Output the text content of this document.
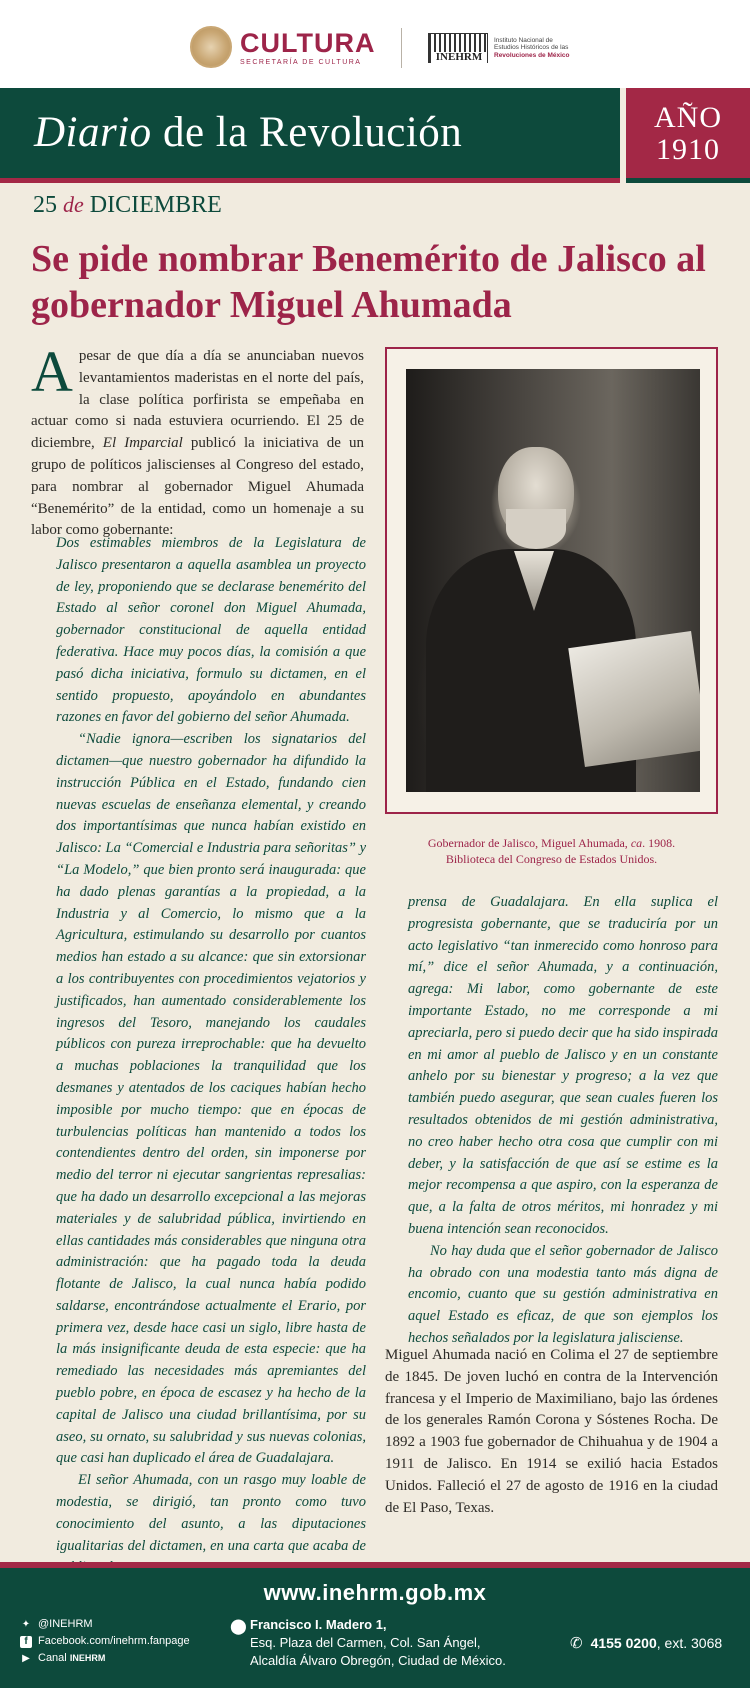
CULTURA
SECRETARÍA DE CULTURA	INEHRM
Instituto Nacional de
Estudios Históricos de las
Revoluciones de México
Diario de la Revolución	AÑO
1910
25 de DICIEMBRE
Se pide nombrar Benemérito de Jalisco al gobernador Miguel Ahumada
Apesar de que día a día se anunciaban nuevos levantamientos maderistas en el norte del país, la clase política porfirista se empeñaba en actuar como si nada estuviera ocurriendo. El 25 de diciembre, El Imparcial publicó la iniciativa de un grupo de políticos jaliscienses al Congreso del estado, para nombrar al gobernador Miguel Ahumada “Benemérito” de la entidad, como un homenaje a su labor como gobernante:

Dos estimables miembros de la Legislatura de Jalisco presentaron a aquella asamblea un proyecto de ley, proponiendo que se declarase benemérito del Estado al señor coronel don Miguel Ahumada, gobernador constitucional de aquella entidad federativa. Hace muy pocos días, la comisión a que pasó dicha iniciativa, formulo su dictamen, en el sentido propuesto, apoyándolo en abundantes razones en favor del gobierno del señor Ahumada.

“Nadie ignora—escriben los signatarios del dictamen—que nuestro gobernador ha difundido la instrucción Pública en el Estado, fundando cien nuevas escuelas de enseñanza elemental, y creando dos importantísimas que nunca habían existido en Jalisco: La “Comercial e Industria para señoritas” y “La Modelo,” que bien pronto será inaugurada: que ha dado plenas garantías a la propiedad, a la Industria y al Comercio, lo mismo que a la Agricultura, estimulando su desarrollo por cuantos medios han estado a su alcance: que sin extorsionar a los contribuyentes con procedimientos vejatorios y justificados, han aumentado considerablemente los ingresos del Tesoro, manejando los caudales públicos con pureza irreprochable: que ha devuelto a muchas poblaciones la tranquilidad que los desmanes y atentados de los caciques habían hecho imposible por mucho tiempo: que en épocas de turbulencias políticas han mantenido a todos los contendientes dentro del orden, sin imponerse por medio del terror ni ejecutar sangrientas represalias: que ha dado un desarrollo excepcional a las mejoras materiales y de salubridad pública, invirtiendo en ellas cantidades más considerables que ninguna otra administración: que ha pagado toda la deuda flotante de Jalisco, la cual nunca había podido saldarse, encontrándose actualmente el Erario, por primera vez, desde hace casi un siglo, libre hasta de la más insignificante deuda de esta especie: que ha remediado las necesidades más apremiantes del pueblo pobre, en época de escasez y ha hecho de la capital de Jalisco una ciudad brillantísima, por su aseo, su ornato, su salubridad y sus nuevas colonias, que casi han duplicado el área de Guadalajara.

El señor Ahumada, con un rasgo muy loable de modestia, se dirigió, tan pronto como tuvo conocimiento del asunto, a las diputaciones igualitarias del dictamen, en una carta que acaba de

Gobernador de Jalisco, Miguel Ahumada, ca. 1908.
Biblioteca del Congreso de Estados Unidos.

prensa de Guadalajara. En ella suplica el progresista gobernante, que se traduciría por un acto legislativo “tan inmerecido como honroso para mí,” dice el señor Ahumada, y a continuación, agrega: Mi labor, como gobernante de este importante Estado, no me corresponde a mi apreciarla, pero si puedo decir que ha sido inspirada en mi amor al pueblo de Jalisco y en un constante anhelo por su bienestar y progreso; a la vez que también puedo asegurar, que sean cuales fueren los resultados obtenidos de mi gestión administrativa, no creo haber hecho otra cosa que cumplir con mi deber, y la satisfacción de que así se estime es la mejor recompensa a que aspiro, con la esperanza de que, a la falta de otros méritos, mi honradez y mi buena intención sean reconocidos.

No hay duda que el señor gobernador de Jalisco ha obrado con una modestia tanto más digna de encomio, cuanto que su gestión administrativa en aquel Estado es eficaz, de que son ejemplos los hechos señalados por la legislatura jalisciense.

Miguel Ahumada nació en Colima el 27 de septiembre de 1845. De joven luchó en contra de la Intervención francesa y el Imperio de Maximiliano, bajo las órdenes de los generales Ramón Corona y Sóstenes Rocha. De 1892 a 1903 fue gobernador de Chihuahua y de 1904 a 1911 de Jalisco. En 1914 se exilió hacia Estados Unidos. Falleció el 27 de agosto de 1916 en la ciudad de El Paso, Texas.
www.inehrm.gob.mx
✦ @INEHRM
f Facebook.com/inehrm.fanpage
▶ Canal
INEHRM
⬤ Francisco I. Madero 1,
Esq. Plaza del Carmen, Col. San Ángel,
Alcaldía Álvaro Obregón, Ciudad de México.
✆ 4155 0200, ext. 3068
